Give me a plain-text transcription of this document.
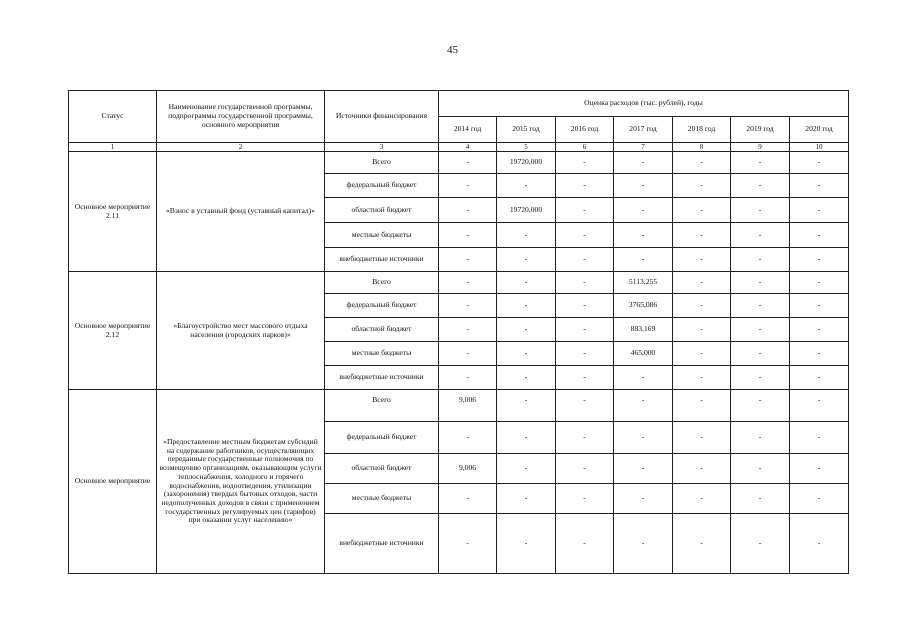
45
Статус	Наименование государственной программы, подпрограммы государственной программы, основного мероприятия	Источники финансирования	Оценка расходов (тыс. рублей), годы						
			2014 год	2015 год	2016 год	2017 год	2018 год	2019 год	2020 год
1	2	3	4	5	6	7	8	9	10
Основное мероприятие 2.11	«Взнос в уставный фонд (уставный капитал)»	Всего	-	19720,000	-	-	-	-	-
		федеральный бюджет	-	-	-	-	-	-	-
		областной бюджет	-	19720,000	-	-	-	-	-
		местные бюджеты	-	-	-	-	-	-	-
		внебюджетные источники	-	-	-	-	-	-	-
Основное мероприятие 2.12	«Благоустройство мест массового отдыха населения (городских парков)»	Всего	-	-	-	5113,255	-	-	-
		федеральный бюджет	-	-	-	3765,086	-	-	-
		областной бюджет	-	-	-	883,169	-	-	-
		местные бюджеты	-	-	-	465,000	-	-	-
		внебюджетные источники	-	-	-	-	-	-	-
Основное мероприятие	«Предоставление местным бюджетам субсидий на содержание работников, осуществляющих переданные государственные полномочия по возмещению организациям, оказывающим услуги теплоснабжения, холодного и горячего водоснабжения, водоотведения, утилизации (захоронения) твердых бытовых отходов, части недополученных доходов в связи с применением государственных регулируемых цен (тарифов) при оказании услуг населению»	Всего	9,006	-	-	-	-	-	-
		федеральный бюджет	-	-	-	-	-	-	-
		областной бюджет	9,006	-	-	-	-	-	-
		местные бюджеты	-	-	-	-	-	-	-
		внебюджетные источники	-	-	-	-	-	-	-
